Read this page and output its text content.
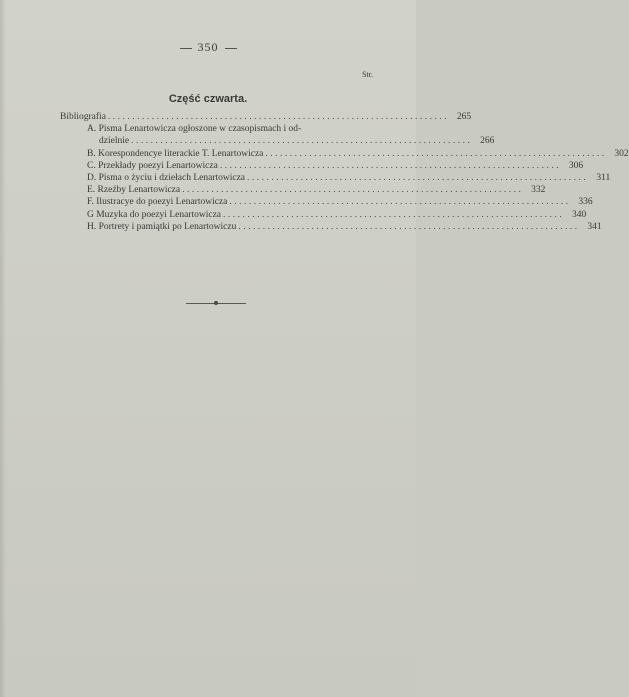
350
Str.
Część czwarta.
Bibliografia ...................................................................... 265
A. Pisma Lenartowicza ogłoszone w czasopismach i od-
dzielnie ...................................................................... 266
B. Korespondencye literackie T. Lenartowicza ...................................................................... 302
C. Przekłady poezyi Lenartowicza ...................................................................... 306
D. Pisma o życiu i dziełach Lenartowicza ...................................................................... 311
E. Rzeźby Lenartowicza ...................................................................... 332
F. Ilustracye do poezyi Lenartowicza ...................................................................... 336
G Muzyka do poezyi Lenartowicza ...................................................................... 340
H. Portrety i pamiątki po Lenartowiczu ...................................................................... 341
